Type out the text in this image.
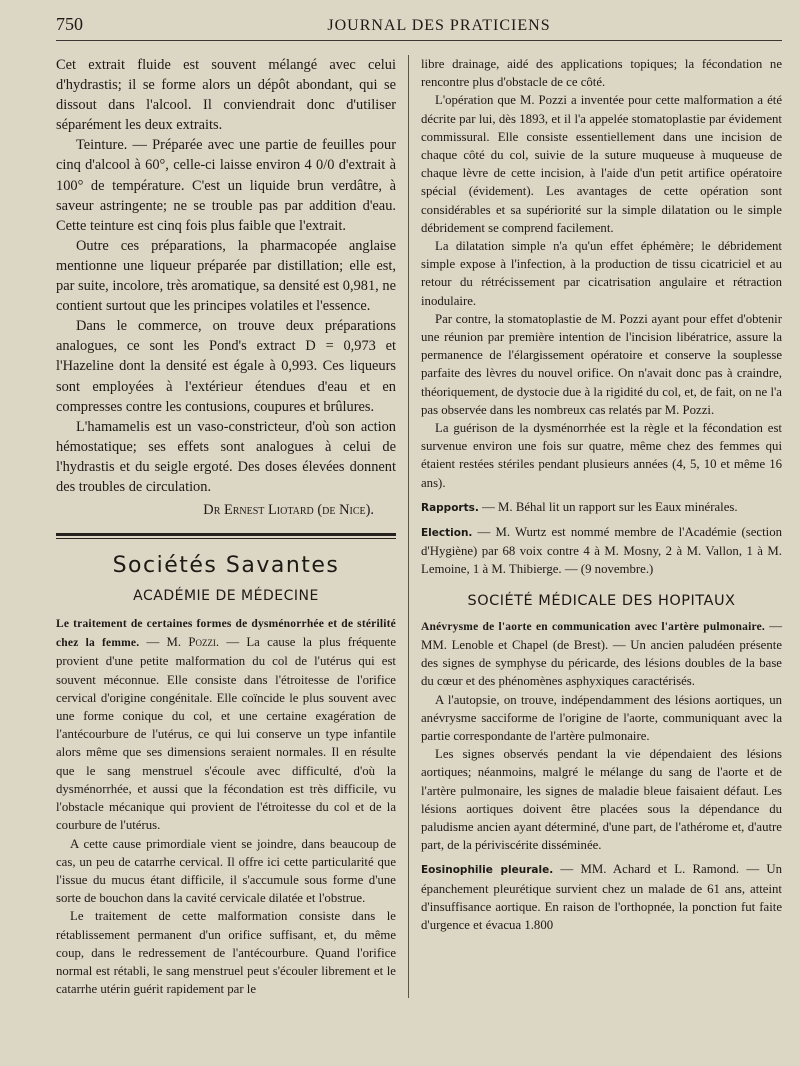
750	JOURNAL DES PRATICIENS

Cet extrait fluide est souvent mélangé avec celui d'hydrastis; il se forme alors un dépôt abondant, qui se dissout dans l'alcool. Il conviendrait donc d'utiliser séparément les deux extraits.

Teinture. — Préparée avec une partie de feuilles pour cinq d'alcool à 60°, celle-ci laisse environ 4 0/0 d'extrait à 100° de température. C'est un liquide brun verdâtre, à saveur astringente; ne se trouble pas par addition d'eau. Cette teinture est cinq fois plus faible que l'extrait.

Outre ces préparations, la pharmacopée anglaise mentionne une liqueur préparée par distillation; elle est, par suite, incolore, très aromatique, sa densité est 0,981, ne contient surtout que les principes volatiles et l'essence.

Dans le commerce, on trouve deux préparations analogues, ce sont les Pond's extract D = 0,973 et l'Hazeline dont la densité est égale à 0,993. Ces liqueurs sont employées à l'extérieur étendues d'eau et en compresses contre les contusions, coupures et brûlures.

L'hamamelis est un vaso-constricteur, d'où son action hémostatique; ses effets sont analogues à celui de l'hydrastis et du seigle ergoté. Des doses élevées donnent des troubles de circulation.

Dr Ernest Liotard (de Nice).
Sociétés Savantes
ACADÉMIE DE MÉDECINE

Le traitement de certaines formes de dysménorrhée et de stérilité chez la femme. — M. Pozzi. — La cause la plus fréquente provient d'une petite malformation du col de l'utérus qui est souvent méconnue. Elle consiste dans l'étroitesse de l'orifice cervical d'origine congénitale. Elle coïncide le plus souvent avec une forme conique du col, et une certaine exagération de l'antécourbure de l'utérus, ce qui lui conserve un type infantile alors même que ses dimensions seraient normales. Il en résulte que le sang menstruel s'écoule avec difficulté, d'où la dysménorrhée, et aussi que la fécondation est très difficile, vu l'obstacle mécanique qui provient de l'étroitesse du col et de la courbure de l'utérus.

A cette cause primordiale vient se joindre, dans beaucoup de cas, un peu de catarrhe cervical. Il offre ici cette particularité que l'issue du mucus étant difficile, il s'accumule sous forme d'une sorte de bouchon dans la cavité cervicale dilatée et l'obstrue.

Le traitement de cette malformation consiste dans le rétablissement permanent d'un orifice suffisant, et, du même coup, dans le redressement de l'antécourbure. Quand l'orifice normal est rétabli, le sang menstruel peut s'écouler librement et le catarrhe utérin guérit rapidement par le

libre drainage, aidé des applications topiques; la fécondation ne rencontre plus d'obstacle de ce côté.

L'opération que M. Pozzi a inventée pour cette malformation a été décrite par lui, dès 1893, et il l'a appelée stomatoplastie par évidement commissural. Elle consiste essentiellement dans une incision de chaque côté du col, suivie de la suture muqueuse à muqueuse de chaque lèvre de cette incision, à l'aide d'un petit artifice opératoire spécial (évidement). Les avantages de cette opération sont considérables et sa supériorité sur la simple dilatation ou le simple débridement se comprend facilement.

La dilatation simple n'a qu'un effet éphémère; le débridement simple expose à l'infection, à la production de tissu cicatriciel et au retour du rétrécissement par cicatrisation angulaire et rétraction inodulaire.

Par contre, la stomatoplastie de M. Pozzi ayant pour effet d'obtenir une réunion par première intention de l'incision libératrice, assure la permanence de l'élargissement opératoire et conserve la souplesse parfaite des lèvres du nouvel orifice. On n'avait donc pas à craindre, théoriquement, de dystocie due à la rigidité du col, et, de fait, on ne l'a pas observée dans les nombreux cas relatés par M. Pozzi.

La guérison de la dysménorrhée est la règle et la fécondation est survenue environ une fois sur quatre, même chez des femmes qui étaient restées stériles pendant plusieurs années (4, 5, 10 et même 16 ans).

Rapports. — M. Béhal lit un rapport sur les Eaux minérales.

Election. — M. Wurtz est nommé membre de l'Académie (section d'Hygiène) par 68 voix contre 4 à M. Mosny, 2 à M. Vallon, 1 à M. Lemoine, 1 à M. Thibierge. — (9 novembre.)

SOCIÉTÉ MÉDICALE DES HOPITAUX

Anévrysme de l'aorte en communication avec l'artère pulmonaire. — MM. Lenoble et Chapel (de Brest). — Un ancien paludéen présente des signes de symphyse du péricarde, des lésions doubles de la base du cœur et des phénomènes asphyxiques caractérisés.

A l'autopsie, on trouve, indépendamment des lésions aortiques, un anévrysme sacciforme de l'origine de l'aorte, communiquant avec la partie correspondante de l'artère pulmonaire.

Les signes observés pendant la vie dépendaient des lésions aortiques; néanmoins, malgré le mélange du sang de l'aorte et de l'artère pulmonaire, les signes de maladie bleue faisaient défaut. Les lésions aortiques doivent être placées sous la dépendance du paludisme ancien ayant déterminé, d'une part, de l'athérome et, d'autre part, de la périviscérite disséminée.

Eosinophilie pleurale. — MM. Achard et L. Ramond. — Un épanchement pleurétique survient chez un malade de 61 ans, atteint d'insuffisance aortique. En raison de l'orthopnée, la ponction fut faite d'urgence et évacua 1.800
